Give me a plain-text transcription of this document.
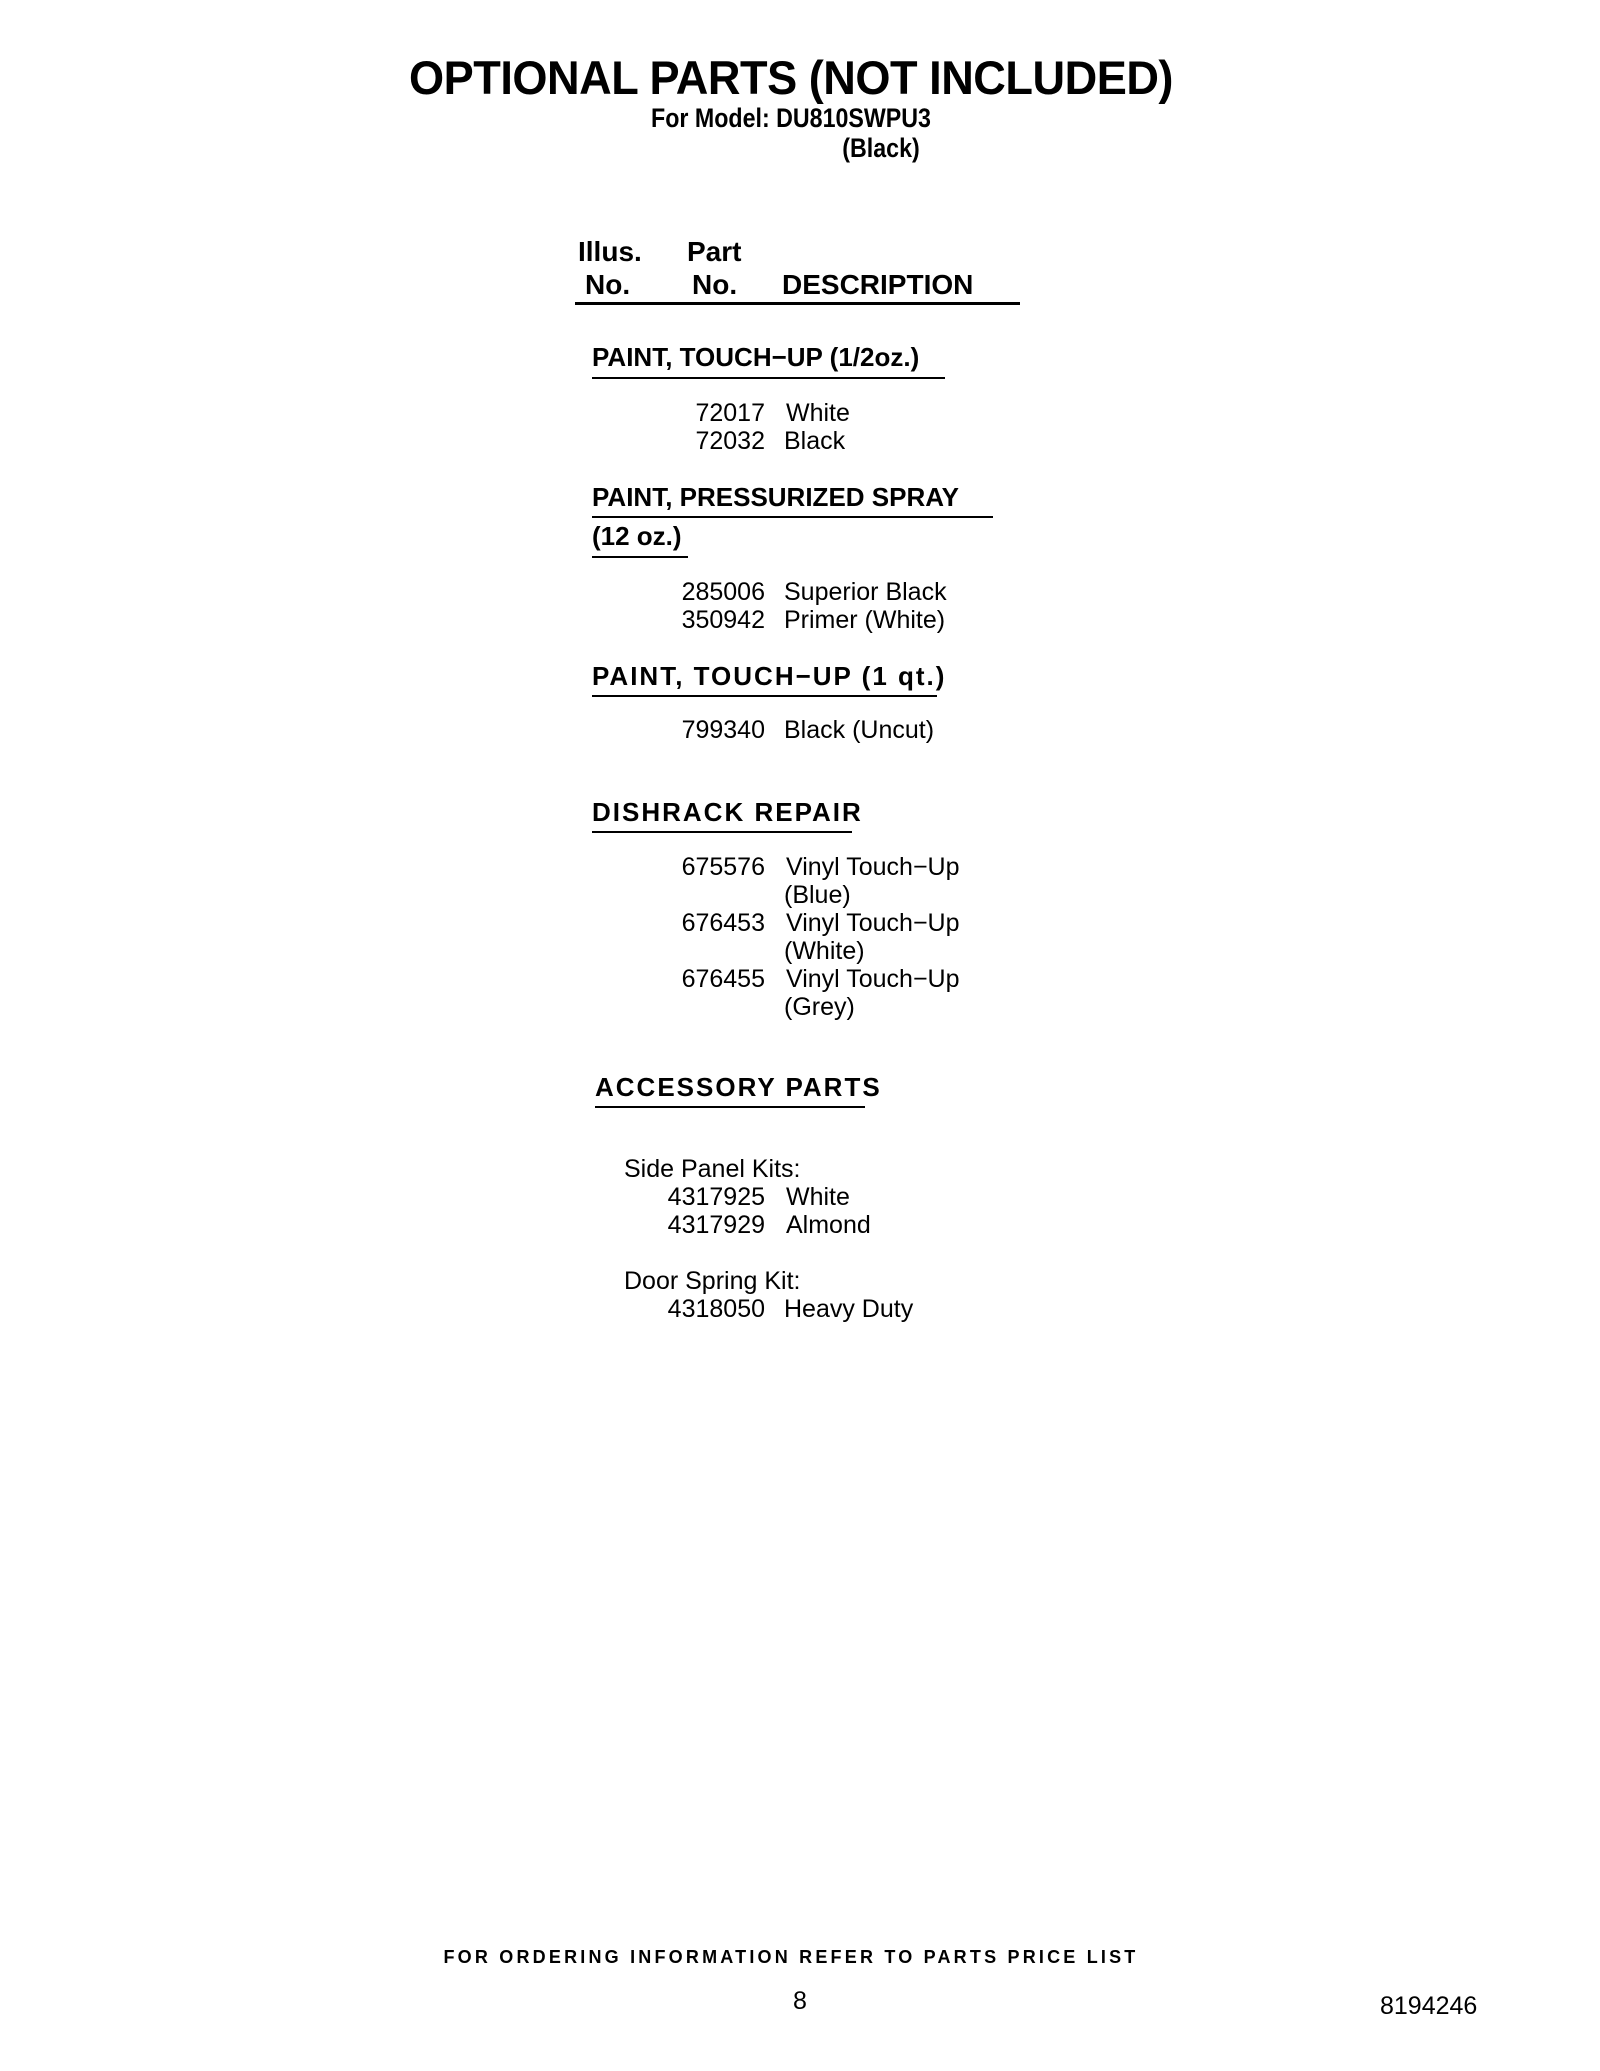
OPTIONAL PARTS (NOT INCLUDED)
For Model: DU810SWPU3
(Black)
Illus.
No.
Part
No. DESCRIPTION
PAINT, TOUCH−UP (1/2oz.)
72017 White
72032 Black
PAINT, PRESSURIZED SPRAY
(12 oz.)
285006 Superior Black
350942 Primer (White)
PAINT, TOUCH−UP (1 qt.)
799340 Black (Uncut)
DISHRACK REPAIR
675576 Vinyl Touch−Up
(Blue)
676453 Vinyl Touch−Up
(White)
676455 Vinyl Touch−Up
(Grey)
ACCESSORY PARTS
Side Panel Kits:
4317925 White
4317929 Almond
Door Spring Kit:
4318050 Heavy Duty
FOR ORDERING INFORMATION REFER TO PARTS PRICE LIST
8	8194246
